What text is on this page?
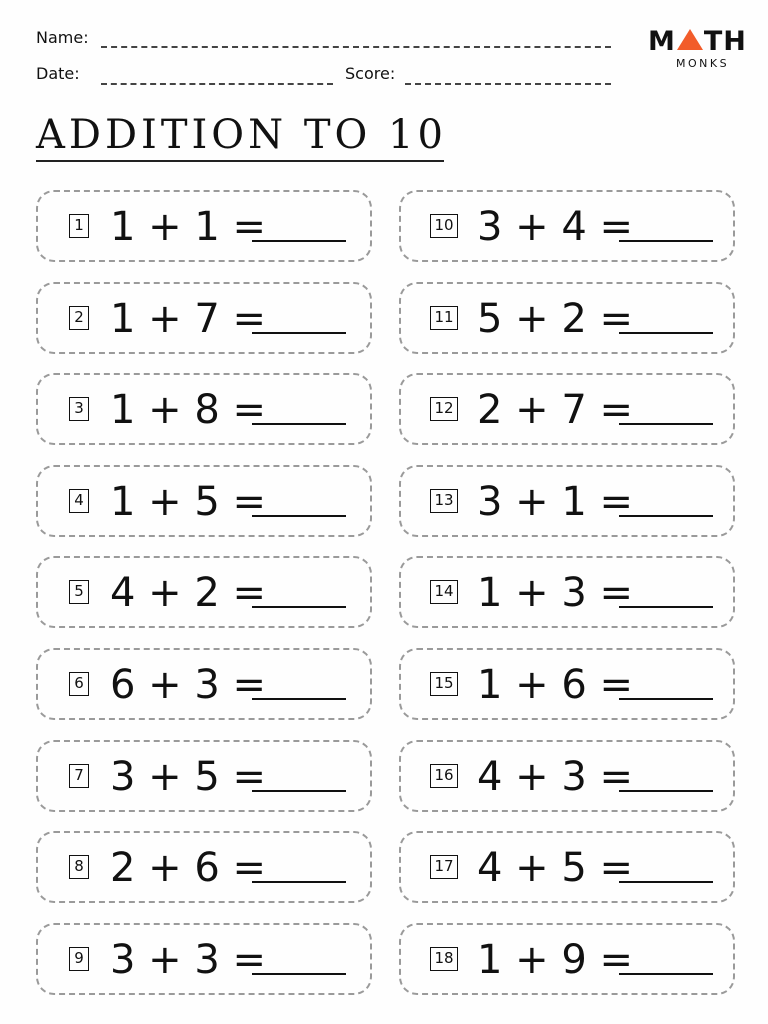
Name:
Date:	Score:
M TH
MONKS
ADDITION TO 10
1 1 + 1 =
2 1 + 7 =
3 1 + 8 =
4 1 + 5 =
5 4 + 2 =
6 6 + 3 =
7 3 + 5 =
8 2 + 6 =
9 3 + 3 =
10 3 + 4 =
11 5 + 2 =
12 2 + 7 =
13 3 + 1 =
14 1 + 3 =
15 1 + 6 =
16 4 + 3 =
17 4 + 5 =
18 1 + 9 =
